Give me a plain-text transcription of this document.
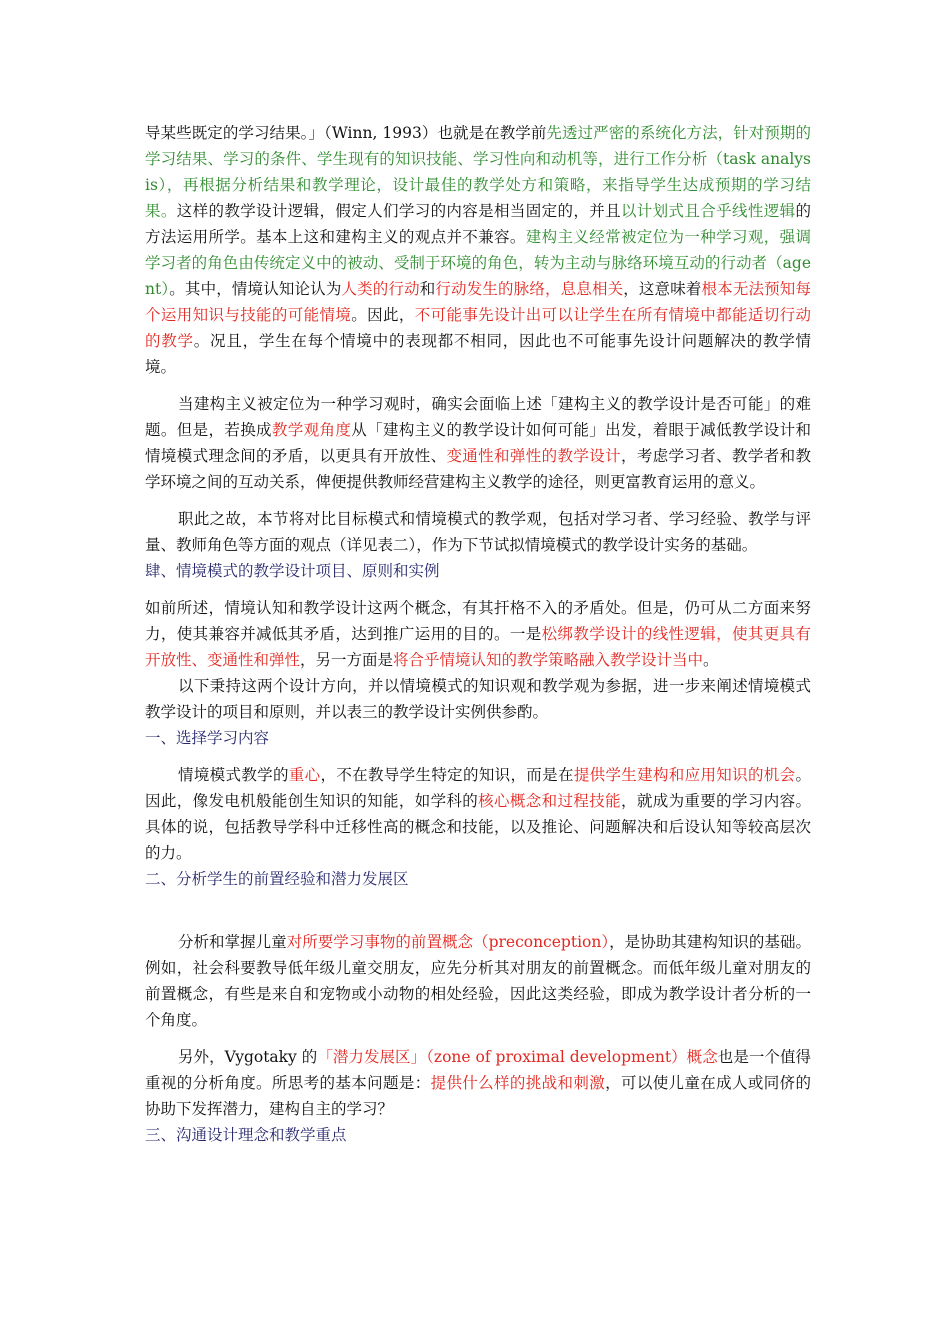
导某些既定的学习结果。」（Winn, 1993）也就是在教学前先透过严密的系统化方法，针对预期的学习结果、学习的条件、学生现有的知识技能、学习性向和动机等，进行工作分析（task analysis），再根据分析结果和教学理论，设计最佳的教学处方和策略，来指导学生达成预期的学习结果。这样的教学设计逻辑，假定人们学习的内容是相当固定的，并且以计划式且合乎线性逻辑的方法运用所学。基本上这和建构主义的观点并不兼容。建构主义经常被定位为一种学习观，强调学习者的角色由传统定义中的被动、受制于环境的角色，转为主动与脉络环境互动的行动者（agent）。其中，情境认知论认为人类的行动和行动发生的脉络，息息相关，这意味着根本无法预知每个运用知识与技能的可能情境。因此，不可能事先设计出可以让学生在所有情境中都能适切行动的教学。况且，学生在每个情境中的表现都不相同，因此也不可能事先设计问题解决的教学情境。

当建构主义被定位为一种学习观时，确实会面临上述「建构主义的教学设计是否可能」的难题。但是，若换成教学观角度从「建构主义的教学设计如何可能」出发，着眼于减低教学设计和情境模式理念间的矛盾，以更具有开放性、变通性和弹性的教学设计，考虑学习者、教学者和教学环境之间的互动关系，俾便提供教师经营建构主义教学的途径，则更富教育运用的意义。

职此之故，本节将对比目标模式和情境模式的教学观，包括对学习者、学习经验、教学与评量、教师角色等方面的观点（详见表二），作为下节试拟情境模式的教学设计实务的基础。

肆、情境模式的教学设计项目、原则和实例

如前所述，情境认知和教学设计这两个概念，有其扞格不入的矛盾处。但是，仍可从二方面来努力，使其兼容并减低其矛盾，达到推广运用的目的。一是松绑教学设计的线性逻辑，使其更具有开放性、变通性和弹性，另一方面是将合乎情境认知的教学策略融入教学设计当中。

以下秉持这两个设计方向，并以情境模式的知识观和教学观为参据，进一步来阐述情境模式教学设计的项目和原则，并以表三的教学设计实例供参酌。

一、选择学习内容

情境模式教学的重心，不在教导学生特定的知识，而是在提供学生建构和应用知识的机会。因此，像发电机般能创生知识的知能，如学科的核心概念和过程技能，就成为重要的学习内容。具体的说，包括教导学科中迁移性高的概念和技能，以及推论、问题解决和后设认知等较高层次的力。

二、分析学生的前置经验和潜力发展区

分析和掌握儿童对所要学习事物的前置概念（preconception），是协助其建构知识的基础。例如，社会科要教导低年级儿童交朋友，应先分析其对朋友的前置概念。而低年级儿童对朋友的前置概念，有些是来自和宠物或小动物的相处经验，因此这类经验，即成为教学设计者分析的一个角度。

另外，Vygotaky 的「潜力发展区」（zone of proximal development）概念也是一个值得重视的分析角度。所思考的基本问题是：提供什么样的挑战和刺激，可以使儿童在成人或同侪的协助下发挥潜力，建构自主的学习？

三、沟通设计理念和教学重点
